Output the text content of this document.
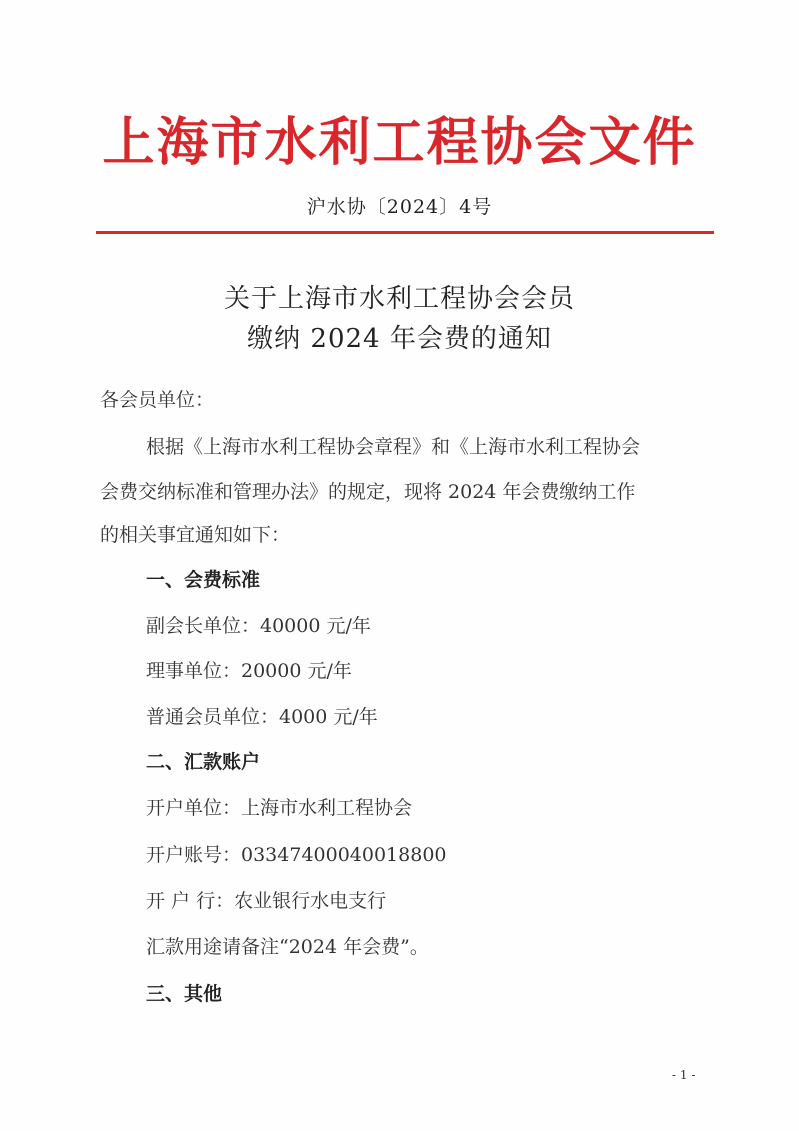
上海市水利工程协会文件
沪水协〔2024〕4号
关于上海市水利工程协会会员
缴纳 2024 年会费的通知
各会员单位：
根据《上海市水利工程协会章程》和《上海市水利工程协会
会费交纳标准和管理办法》的规定，现将 2024 年会费缴纳工作
的相关事宜通知如下：
一、会费标准
副会长单位：40000 元/年
理事单位：20000 元/年
普通会员单位：4000 元/年
二、汇款账户
开户单位：上海市水利工程协会
开户账号：03347400040018800
开 户 行：农业银行水电支行
汇款用途请备注“2024 年会费”。
三、其他
- 1 -
